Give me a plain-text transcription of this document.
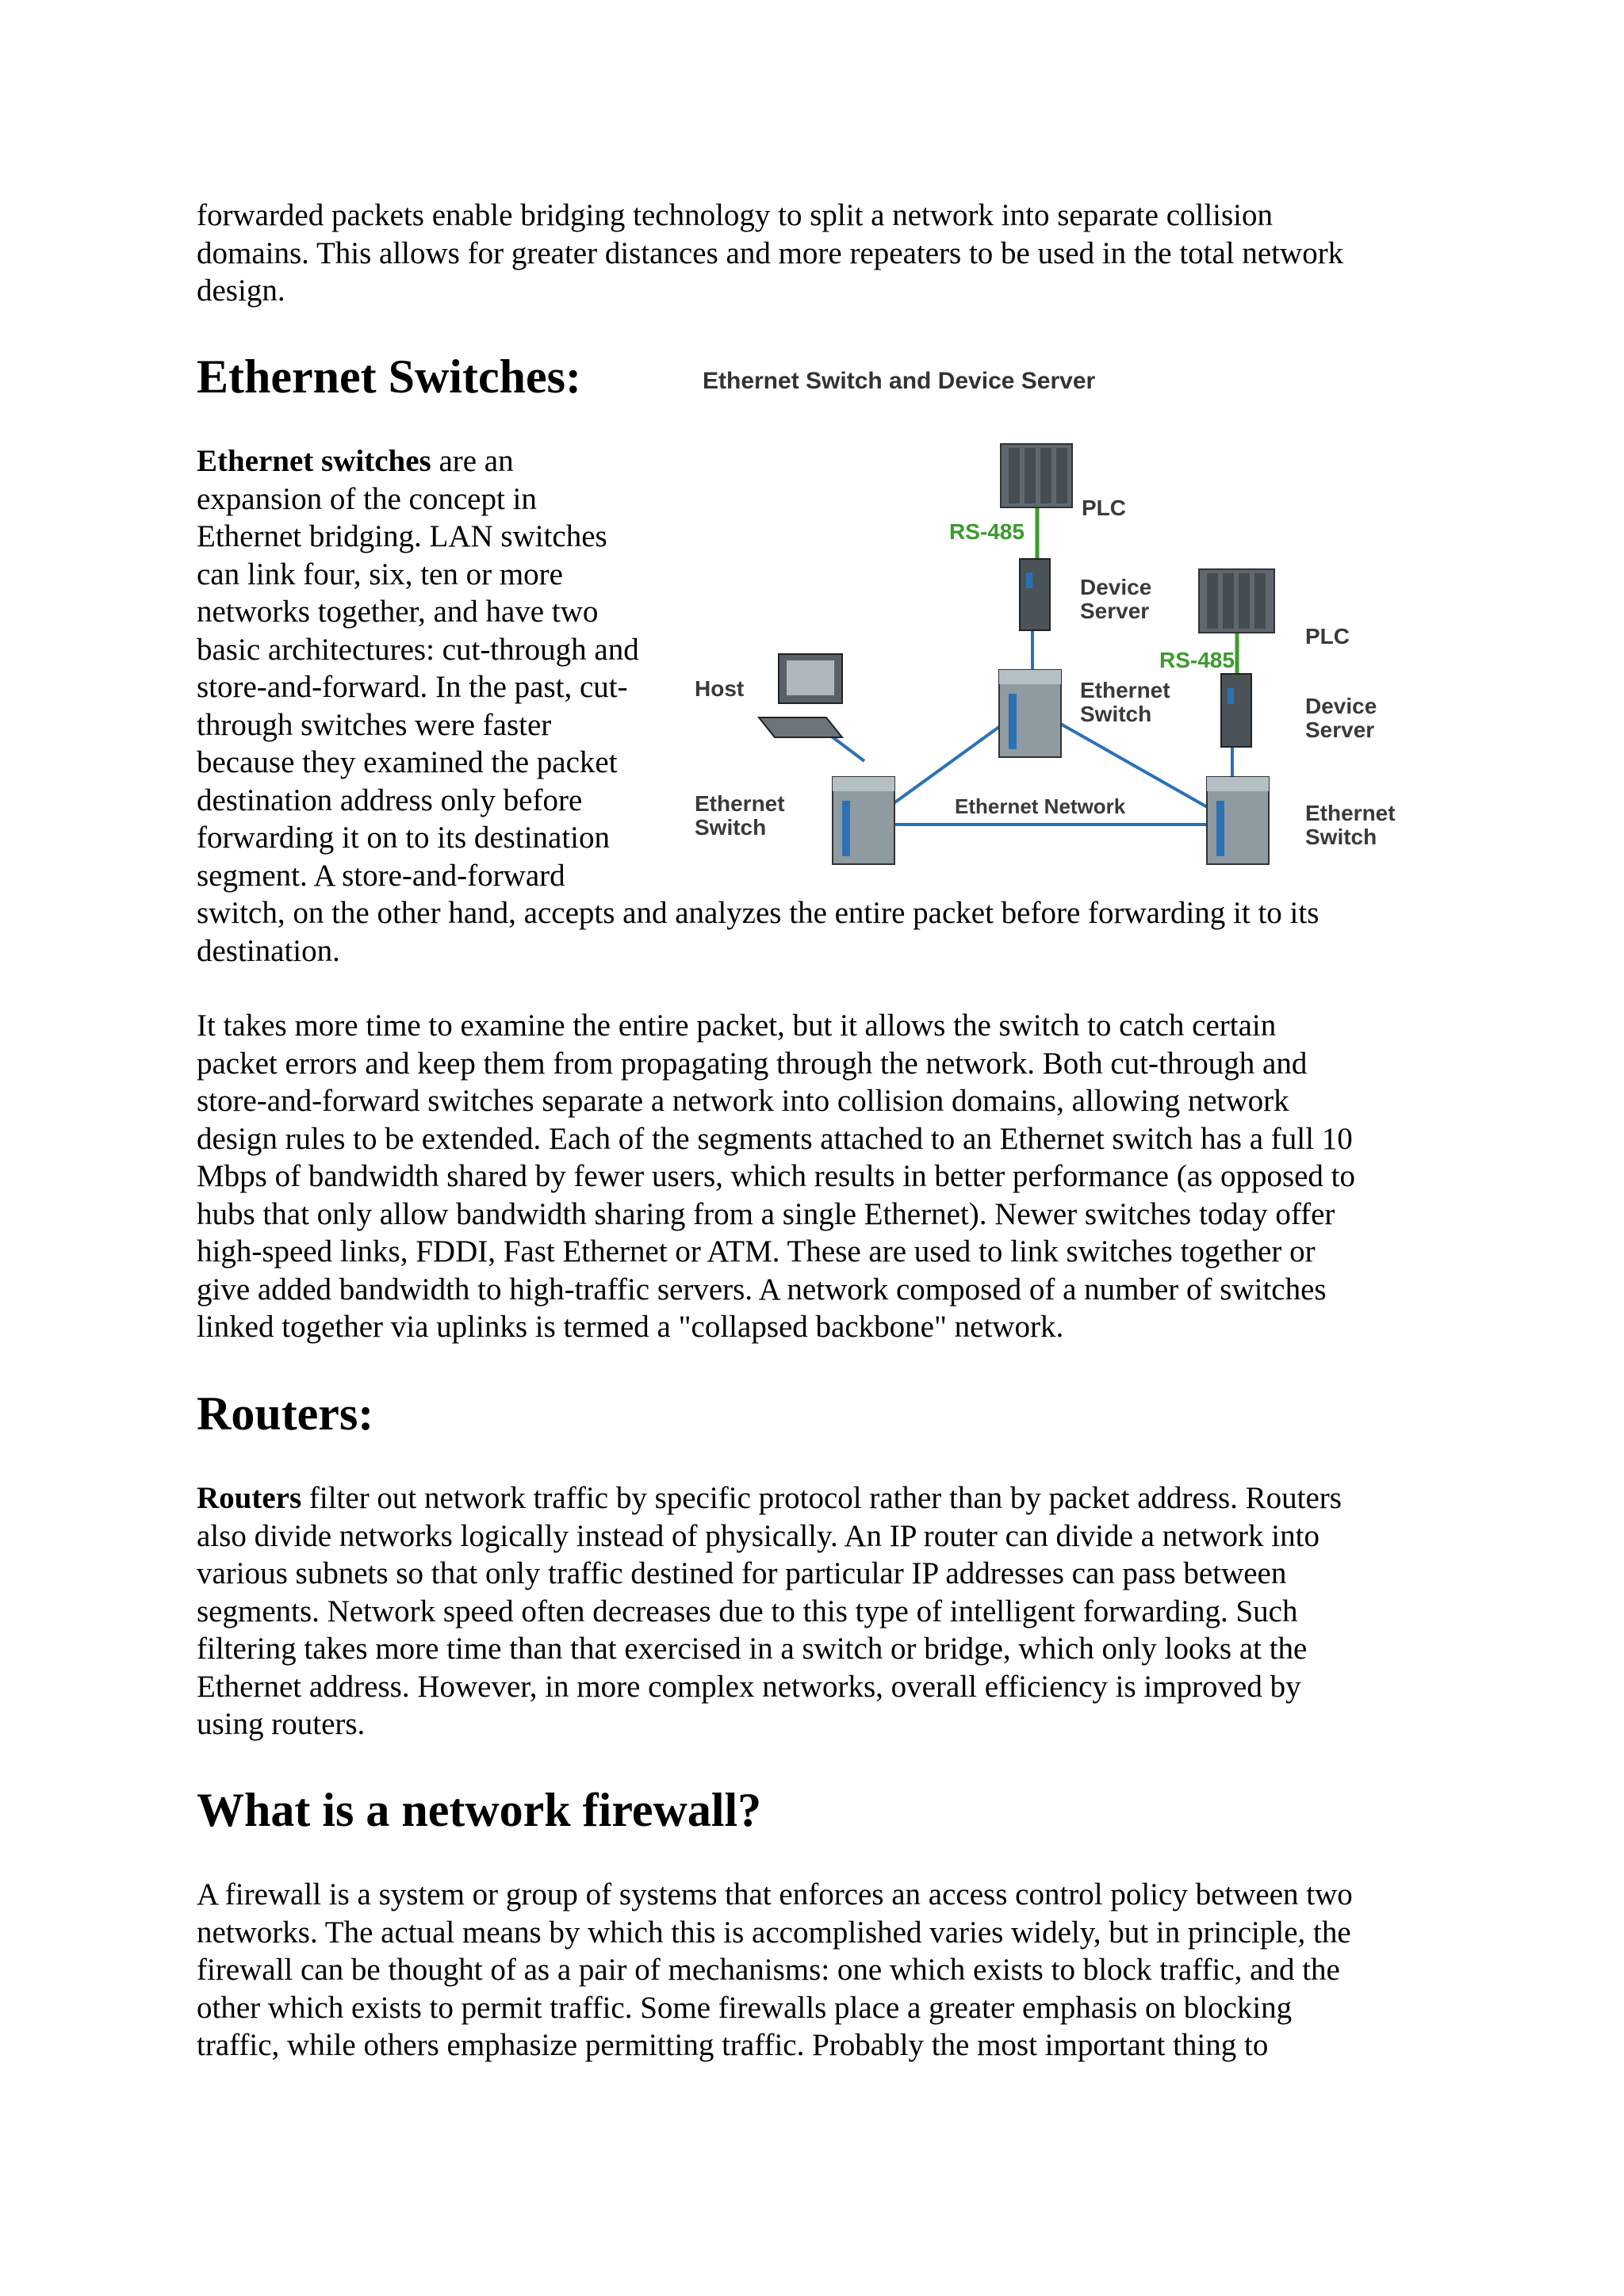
forwarded packets enable bridging technology to split a network into separate collision
domains. This allows for greater distances and more repeaters to be used in the total network
design.
Ethernet Switches:
Ethernet switches are an
expansion of the concept in
Ethernet bridging. LAN switches
can link four, six, ten or more
networks together, and have two
basic architectures: cut-through and
store-and-forward. In the past, cut-
through switches were faster
because they examined the packet
destination address only before
forwarding it on to its destination
segment. A store-and-forward
switch, on the other hand, accepts and analyzes the entire packet before forwarding it to its
destination.
Ethernet Switch and Device Server
PLC
RS-485
Device
Server
Ethernet
Switch
Host
PLC
RS-485
Device
Server
Ethernet
Switch
Ethernet Network	Ethernet
Switch
It takes more time to examine the entire packet, but it allows the switch to catch certain
packet errors and keep them from propagating through the network. Both cut-through and
store-and-forward switches separate a network into collision domains, allowing network
design rules to be extended. Each of the segments attached to an Ethernet switch has a full 10
Mbps of bandwidth shared by fewer users, which results in better performance (as opposed to
hubs that only allow bandwidth sharing from a single Ethernet). Newer switches today offer
high-speed links, FDDI, Fast Ethernet or ATM. These are used to link switches together or
give added bandwidth to high-traffic servers. A network composed of a number of switches
linked together via uplinks is termed a "collapsed backbone" network.
Routers:
Routers filter out network traffic by specific protocol rather than by packet address. Routers
also divide networks logically instead of physically. An IP router can divide a network into
various subnets so that only traffic destined for particular IP addresses can pass between
segments. Network speed often decreases due to this type of intelligent forwarding. Such
filtering takes more time than that exercised in a switch or bridge, which only looks at the
Ethernet address. However, in more complex networks, overall efficiency is improved by
using routers.
What is a network firewall?
A firewall is a system or group of systems that enforces an access control policy between two
networks. The actual means by which this is accomplished varies widely, but in principle, the
firewall can be thought of as a pair of mechanisms: one which exists to block traffic, and the
other which exists to permit traffic. Some firewalls place a greater emphasis on blocking
traffic, while others emphasize permitting traffic. Probably the most important thing to
